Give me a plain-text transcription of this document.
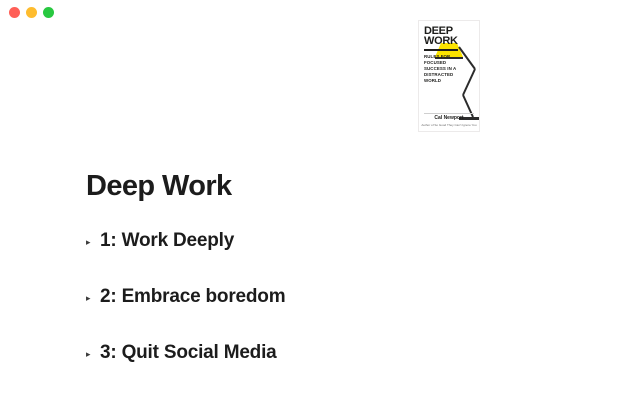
DEEP
WORK
RULES FOR FOCUSED SUCCESS IN A DISTRACTED WORLD
Cal Newport
Author of So Good They Can't Ignore You
Deep Work
▸ 1: Work Deeply
▸ 2: Embrace boredom
▸ 3: Quit Social Media
